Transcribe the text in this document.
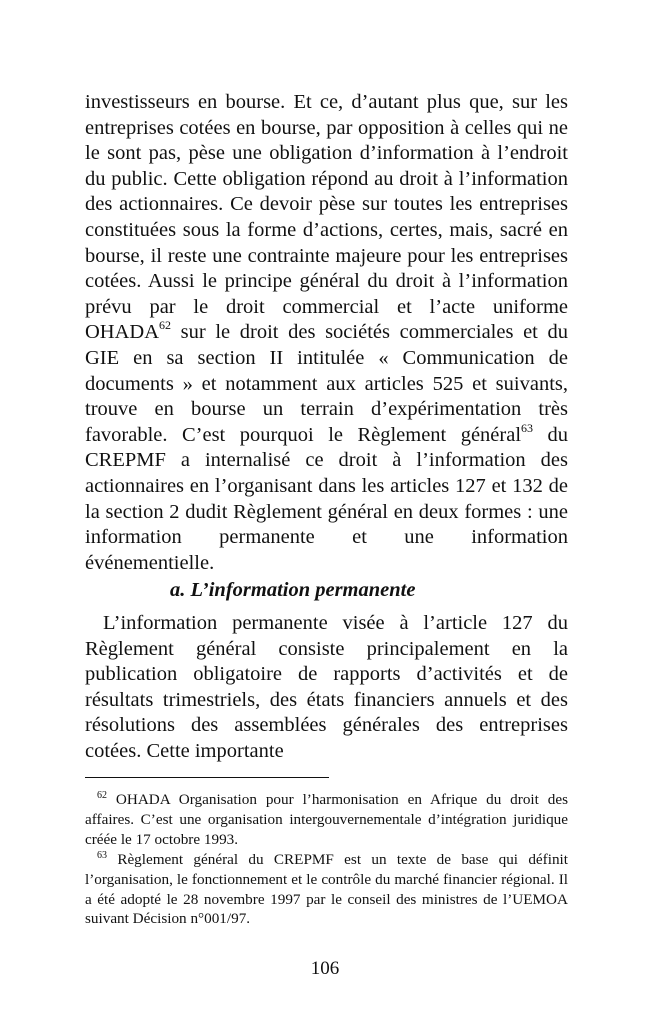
investisseurs en bourse. Et ce, d’autant plus que, sur les entreprises cotées en bourse, par opposition à celles qui ne le sont pas, pèse une obligation d’information à l’endroit du public. Cette obligation répond au droit à l’information des actionnaires. Ce devoir pèse sur toutes les entreprises constituées sous la forme d’actions, certes, mais, sacré en bourse, il reste une contrainte majeure pour les entreprises cotées. Aussi le principe général du droit à l’information prévu par le droit commercial et l’acte uniforme OHADA$^{62}$ sur le droit des sociétés commerciales et du GIE en sa section II intitulée « Communication de documents » et notamment aux articles 525 et suivants, trouve en bourse un terrain d’expérimentation très favorable. C’est pourquoi le Règlement général$^{63}$ du CREPMF a internalisé ce droit à l’information des actionnaires en l’organisant dans les articles 127 et 132 de la section 2 dudit Règlement général en deux formes : une information permanente et une information événementielle.

a. L’information permanente

L’information permanente visée à l’article 127 du Règlement général consiste principalement en la publication obligatoire de rapports d’activités et de résultats trimestriels, des états financiers annuels et des résolutions des assemblées générales des entreprises cotées. Cette importante

$^{62}$ OHADA Organisation pour l’harmonisation en Afrique du droit des affaires. C’est une organisation intergouvernementale d’intégration juridique créée le 17 octobre 1993.

$^{63}$ Règlement général du CREPMF est un texte de base qui définit l’organisation, le fonctionnement et le contrôle du marché financier régional. Il a été adopté le 28 novembre 1997 par le conseil des ministres de l’UEMOA suivant Décision n°001/97.

106
